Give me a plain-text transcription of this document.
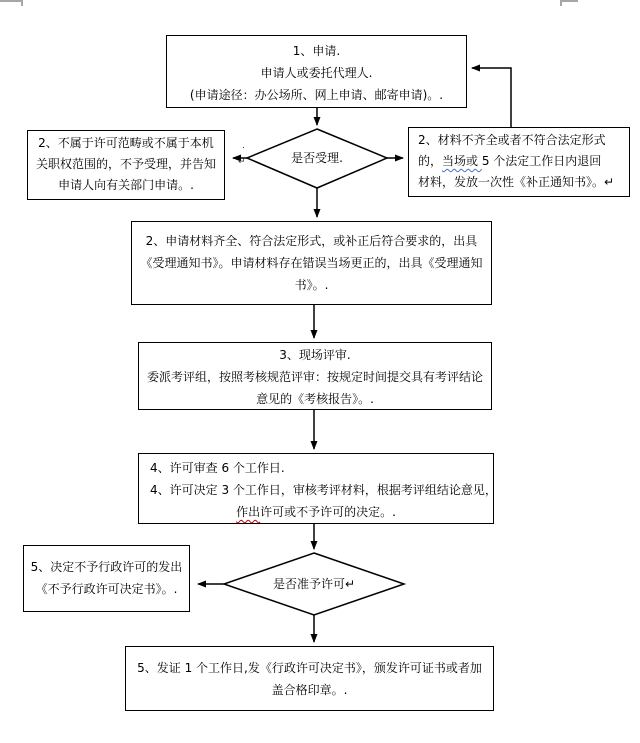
1、申请.
申请人或委托代理人.
(申请途径：办公场所、网上申请、邮寄申请)。.
2、不属于许可范畴或不属于本机
关职权范围的，不予受理，并告知
申请人向有关部门申请。.
2、材料不齐全或者不符合法定形式
的，当场或 5 个法定工作日内退回
材料，发放一次性《补正通知书》。↵
2、申请材料齐全、符合法定形式，或补正后符合要求的，出具
《受理通知书》。申请材料存在错误当场更正的，出具《受理通知
书》。.
3、现场评审.
委派考评组，按照考核规范评审：按规定时间提交具有考评结论
意见的《考核报告》。.
4、许可审查 6 个工作日.
4、许可决定 3 个工作日，审核考评材料，根据考评组结论意见，
作出许可或不予许可的决定。.
5、决定不予行政许可的发出
《不予行政许可决定书》。.
5、发证 1 个工作日,发《行政许可决定书》，颁发许可证书或者加
盖合格印章。.
是否受理.
是否准予许可↵
.
↵
